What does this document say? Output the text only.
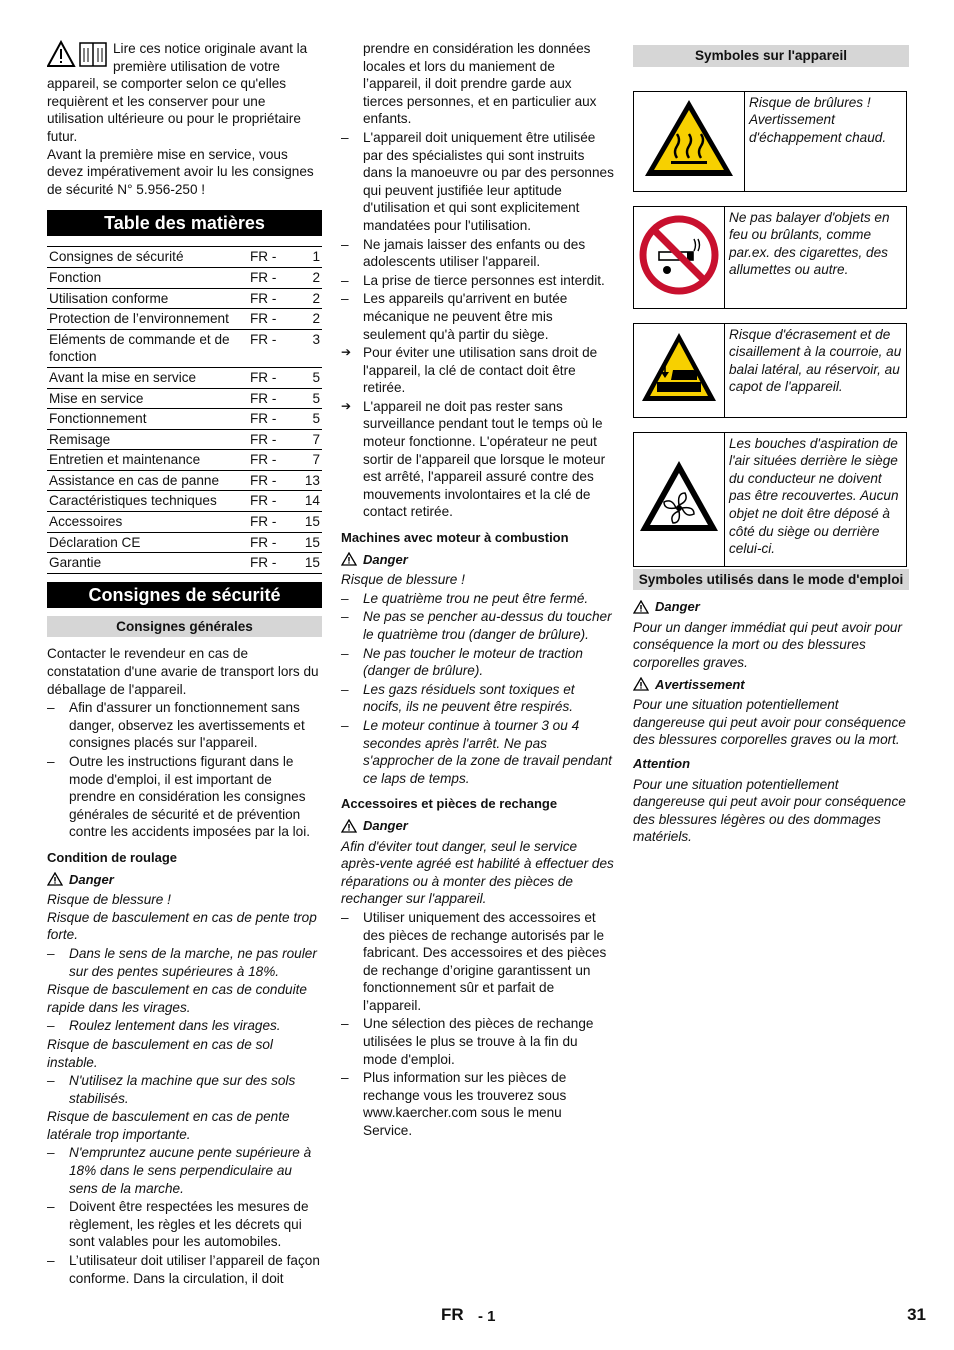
Lire ces notice originale avant la première utilisation de votre appareil, se comporter selon ce qu'elles requièrent et les conserver pour une utilisation ultérieure ou pour le propriétaire futur.

Avant la première mise en service, vous devez impérativement avoir lu les consignes de sécurité N° 5.956-250 !

Table des matières
Consignes de sécurité	FR -	1
Fonction	FR -	2
Utilisation conforme	FR -	2
Protection de l’environnement	FR -	2
Eléments de commande et de fonction	FR -	3
Avant la mise en service	FR -	5
Mise en service	FR -	5
Fonctionnement	FR -	5
Remisage	FR -	7
Entretien et maintenance	FR -	7
Assistance en cas de panne	FR -	13
Caractéristiques techniques	FR -	14
Accessoires	FR -	15
Déclaration CE	FR -	15
Garantie	FR -	15
Consignes de sécurité
Consignes générales

Contacter le revendeur en cas de constatation d'une avarie de transport lors du déballage de l'appareil.

– Afin d'assurer un fonctionnement sans danger, observez les avertissements et consignes placés sur l'appareil.

– Outre les instructions figurant dans le mode d'emploi, il est important de prendre en considération les consignes générales de sécurité et de prévention contre les accidents imposées par la loi.

Condition de roulage

Danger

Risque de blessure !

Risque de basculement en cas de pente trop forte.

– Dans le sens de la marche, ne pas rouler sur des pentes supérieures à 18%.

Risque de basculement en cas de conduite rapide dans les virages.

– Roulez lentement dans les virages.

Risque de basculement en cas de sol instable.

– N'utilisez la machine que sur des sols stabilisés.

Risque de basculement en cas de pente latérale trop importante.

– N'empruntez aucune pente supérieure à 18% dans le sens perpendiculaire au sens de la marche.

– Doivent être respectées les mesures de règlement, les règles et les décrets qui sont valables pour les automobiles.

– L’utilisateur doit utiliser l’appareil de façon conforme. Dans la circulation, il doit

prendre en considération les données locales et lors du maniement de l’appareil, il doit prendre garde aux tierces personnes, et en particulier aux enfants.

– L'appareil doit uniquement être utilisée par des spécialistes qui sont instruits dans la manoeuvre ou par des personnes qui peuvent justifiée leur aptitude d'utilisation et qui sont explicitement mandatées pour l'utilisation.

– Ne jamais laisser des enfants ou des adolescents utiliser l'appareil.

– La prise de tierce personnes est interdit.

– Les appareils qu'arrivent en butée mécanique ne peuvent être mis seulement qu'à partir du siège.

➔ Pour éviter une utilisation sans droit de l'appareil, la clé de contact doit être retirée.

➔ L'appareil ne doit pas rester sans surveillance pendant tout le temps où le moteur fonctionne. L'opérateur ne peut sortir de l'appareil que lorsque le moteur est arrêté, l'appareil assuré contre des mouvements involontaires et la clé de contact retirée.

Machines avec moteur à combustion

Danger

Risque de blessure !

– Le quatrième trou ne peut être fermé.

– Ne pas se pencher au-dessus du toucher le quatrième trou (danger de brûlure).

– Ne pas toucher le moteur de traction (danger de brûlure).

– Les gazs résiduels sont toxiques et nocifs, ils ne peuvent être respirés.

– Le moteur continue à tourner 3 ou 4 secondes après l'arrêt. Ne pas s'approcher de la zone de travail pendant ce laps de temps.

Accessoires et pièces de rechange

Danger

Afin d'éviter tout danger, seul le service après-vente agréé est habilité à effectuer des réparations ou à monter des pièces de rechanger sur l'appareil.

– Utiliser uniquement des accessoires et des pièces de rechange autorisés par le fabricant. Des accessoires et des pièces de rechange d’origine garantissent un fonctionnement sûr et parfait de l’appareil.

– Une sélection des pièces de rechange utilisées le plus se trouve à la fin du mode d'emploi.

– Plus information sur les pièces de rechange vous les trouverez sous www.kaercher.com sous le menu Service.

Symboles sur l'appareil
	Risque de brûlures ! Avertissement d'échappement chaud.
	Ne pas balayer d'objets en feu ou brûlants, comme par.ex. des cigarettes, des allumettes ou autre.
	Risque d'écrasement et de cisaillement à la courroie, au balai latéral, au réservoir, au capot de l'appareil.
	Les bouches d'aspiration de l'air situées derrière le siège du conducteur ne doivent pas être recouvertes. Aucun objet ne doit être déposé à côté du siège ou derrière celui-ci.
Symboles utilisés dans le mode d'emploi
Danger

Pour un danger immédiat qui peut avoir pour conséquence la mort ou des blessures corporelles graves.

Avertissement

Pour une situation potentiellement dangereuse qui peut avoir pour conséquence des blessures corporelles graves ou la mort.

Attention

Pour une situation potentiellement dangereuse qui peut avoir pour conséquence des blessures légères ou des dommages matériels.

FR - 1	31
